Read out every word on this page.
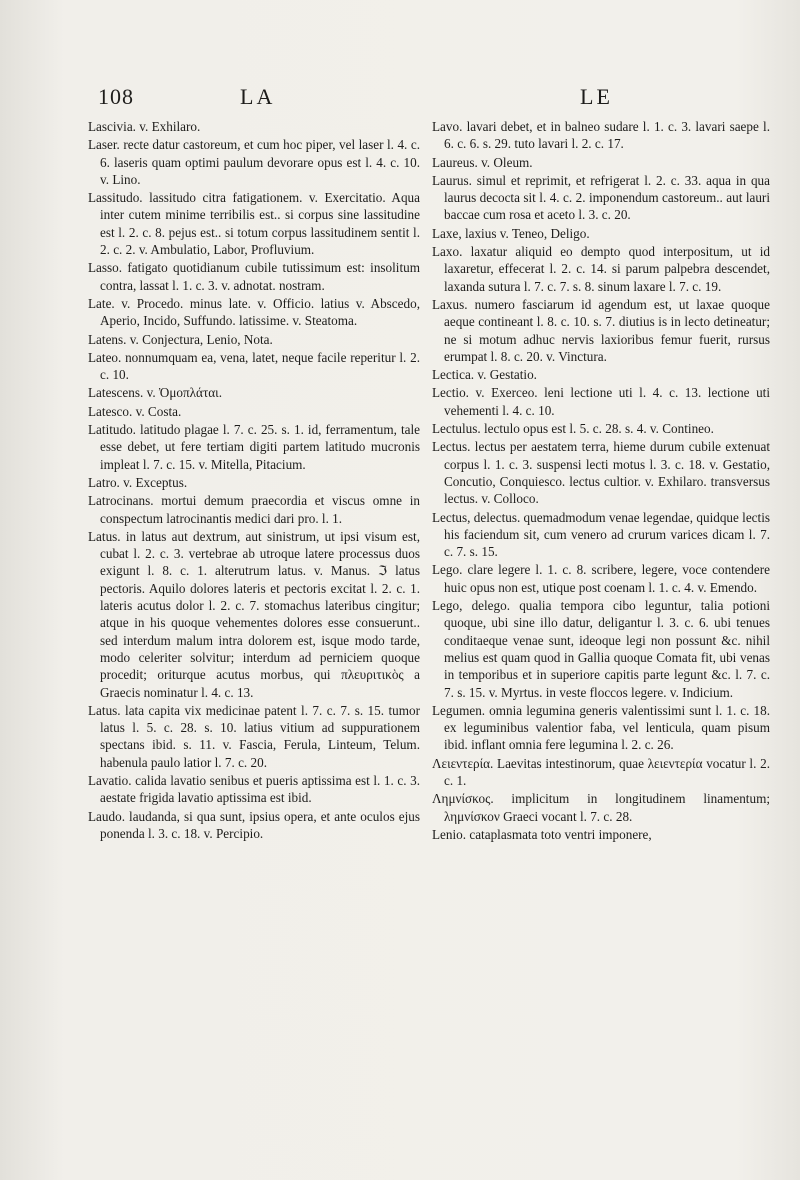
108	LA	LE

Lascivia. v. Exhilaro.

Laser. recte datur castoreum, et cum hoc piper, vel laser l. 4. c. 6. laseris quam optimi paulum devorare opus est l. 4. c. 10. v. Lino.

Lassitudo. lassitudo citra fatigationem. v. Exercitatio. Aqua inter cutem minime terribilis est.. si corpus sine lassitudine est l. 2. c. 8. pejus est.. si totum corpus lassitudinem sentit l. 2. c. 2. v. Ambulatio, Labor, Profluvium.

Lasso. fatigato quotidianum cubile tutissimum est: insolitum contra, lassat l. 1. c. 3. v. adnotat. nostram.

Late. v. Procedo. minus late. v. Officio. latius v. Abscedo, Aperio, Incido, Suffundo. latissime. v. Steatoma.

Latens. v. Conjectura, Lenio, Nota.

Lateo. nonnumquam ea, vena, latet, neque facile reperitur l. 2. c. 10.

Latescens. v. Ὀμοπλάται.

Latesco. v. Costa.

Latitudo. latitudo plagae l. 7. c. 25. s. 1. id, ferramentum, tale esse debet, ut fere tertiam digiti partem latitudo mucronis impleat l. 7. c. 15. v. Mitella, Pitacium.

Latro. v. Exceptus.

Latrocinans. mortui demum praecordia et viscus omne in conspectum latrocinantis medici dari pro. l. 1.

Latus. in latus aut dextrum, aut sinistrum, ut ipsi visum est, cubat l. 2. c. 3. vertebrae ab utroque latere processus duos exigunt l. 8. c. 1. alterutrum latus. v. Manus. ℑ latus pectoris. Aquilo dolores lateris et pectoris excitat l. 2. c. 1. lateris acutus dolor l. 2. c. 7. stomachus lateribus cingitur; atque in his quoque vehementes dolores esse consuerunt.. sed interdum malum intra dolorem est, isque modo tarde, modo celeriter solvitur; interdum ad perniciem quoque procedit; oriturque acutus morbus, qui πλευριτικὸς a Graecis nominatur l. 4. c. 13.

Latus. lata capita vix medicinae patent l. 7. c. 7. s. 15. tumor latus l. 5. c. 28. s. 10. latius vitium ad suppurationem spectans ibid. s. 11. v. Fascia, Ferula, Linteum, Telum. habenula paulo latior l. 7. c. 20.

Lavatio. calida lavatio senibus et pueris aptissima est l. 1. c. 3. aestate frigida lavatio aptissima est ibid.

Laudo. laudanda, si qua sunt, ipsius opera, et ante oculos ejus ponenda l. 3. c. 18. v. Percipio.

Lavo. lavari debet, et in balneo sudare l. 1. c. 3. lavari saepe l. 6. c. 6. s. 29. tuto lavari l. 2. c. 17.

Laureus. v. Oleum.

Laurus. simul et reprimit, et refrigerat l. 2. c. 33. aqua in qua laurus decocta sit l. 4. c. 2. imponendum castoreum.. aut lauri baccae cum rosa et aceto l. 3. c. 20.

Laxe, laxius v. Teneo, Deligo.

Laxo. laxatur aliquid eo dempto quod interpositum, ut id laxaretur, effecerat l. 2. c. 14. si parum palpebra descendet, laxanda sutura l. 7. c. 7. s. 8. sinum laxare l. 7. c. 19.

Laxus. numero fasciarum id agendum est, ut laxae quoque aeque contineant l. 8. c. 10. s. 7. diutius is in lecto detineatur; ne si motum adhuc nervis laxioribus femur fuerit, rursus erumpat l. 8. c. 20. v. Vinctura.

Lectica. v. Gestatio.

Lectio. v. Exerceo. leni lectione uti l. 4. c. 13. lectione uti vehementi l. 4. c. 10.

Lectulus. lectulo opus est l. 5. c. 28. s. 4. v. Contineo.

Lectus. lectus per aestatem terra, hieme durum cubile extenuat corpus l. 1. c. 3. suspensi lecti motus l. 3. c. 18. v. Gestatio, Concutio, Conquiesco. lectus cultior. v. Exhilaro. transversus lectus. v. Colloco.

Lectus, delectus. quemadmodum venae legendae, quidque lectis his faciendum sit, cum venero ad crurum varices dicam l. 7. c. 7. s. 15.

Lego. clare legere l. 1. c. 8. scribere, legere, voce contendere huic opus non est, utique post coenam l. 1. c. 4. v. Emendo.

Lego, delego. qualia tempora cibo leguntur, talia potioni quoque, ubi sine illo datur, deligantur l. 3. c. 6. ubi tenues conditaeque venae sunt, ideoque legi non possunt &c. nihil melius est quam quod in Gallia quoque Comata fit, ubi venas in temporibus et in superiore capitis parte legunt &c. l. 7. c. 7. s. 15. v. Myrtus. in veste floccos legere. v. Indicium.

Legumen. omnia legumina generis valentissimi sunt l. 1. c. 18. ex leguminibus valentior faba, vel lenticula, quam pisum ibid. inflant omnia fere legumina l. 2. c. 26.

Λειεντερία. Laevitas intestinorum, quae λειεντερία vocatur l. 2. c. 1.

Λημνίσκος. implicitum in longitudinem linamentum; λημνίσκον Graeci vocant l. 7. c. 28.

Lenio. cataplasmata toto ventri imponere,
